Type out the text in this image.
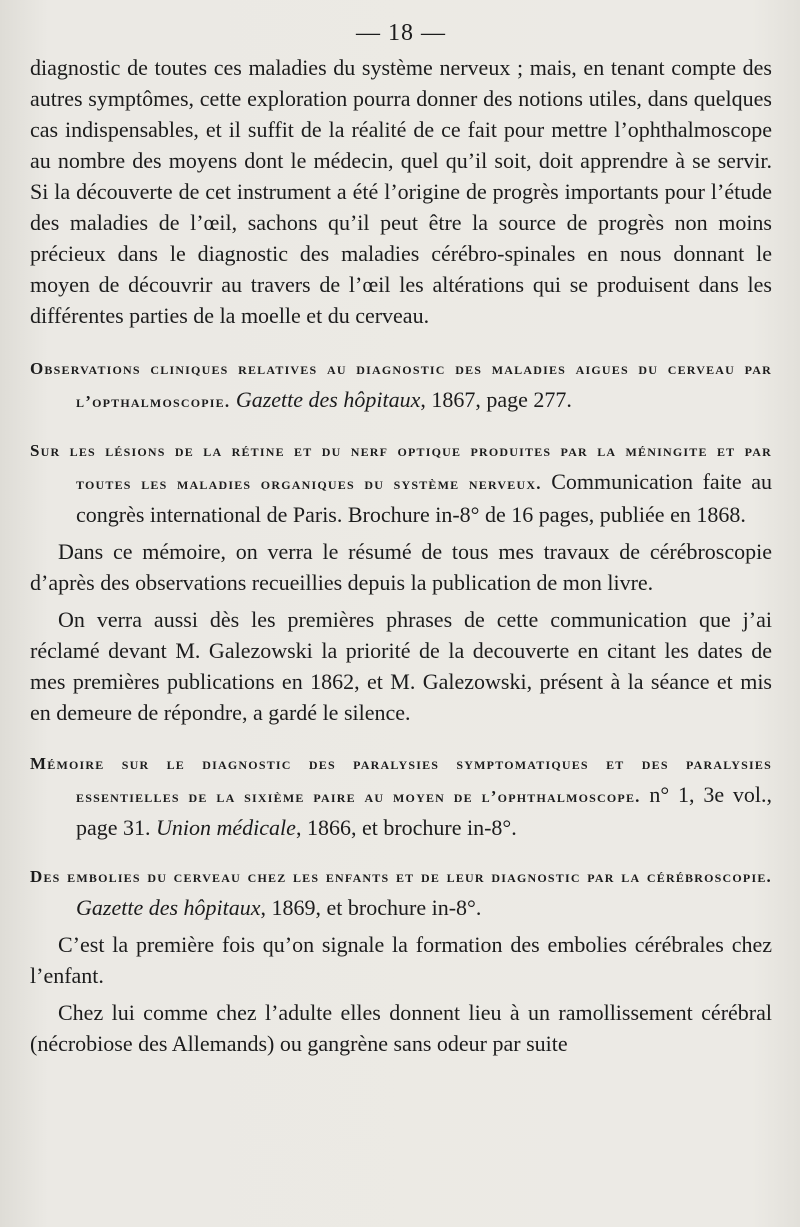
— 18 —

diagnostic de toutes ces maladies du système nerveux ; mais, en tenant compte des autres symptômes, cette exploration pourra donner des notions utiles, dans quelques cas indispensables, et il suffit de la réalité de ce fait pour mettre l’ophthalmoscope au nombre des moyens dont le médecin, quel qu’il soit, doit apprendre à se servir. Si la découverte de cet instrument a été l’origine de progrès importants pour l’étude des maladies de l’œil, sachons qu’il peut être la source de progrès non moins précieux dans le diagnostic des maladies cérébro-spinales en nous donnant le moyen de découvrir au travers de l’œil les altérations qui se produisent dans les différentes parties de la moelle et du cerveau.

Observations cliniques relatives au diagnostic des maladies aigues du cerveau par l’opthalmoscopie. Gazette des hôpitaux, 1867, page 277.

Sur les lésions de la rétine et du nerf optique produites par la méningite et par toutes les maladies organiques du système nerveux. Communication faite au congrès international de Paris. Brochure in-8° de 16 pages, publiée en 1868.

Dans ce mémoire, on verra le résumé de tous mes travaux de cérébroscopie d’après des observations recueillies depuis la publication de mon livre.

On verra aussi dès les premières phrases de cette communication que j’ai réclamé devant M. Galezowski la priorité de la decouverte en citant les dates de mes premières publications en 1862, et M. Galezowski, présent à la séance et mis en demeure de répondre, a gardé le silence.

Mémoire sur le diagnostic des paralysies symptomatiques et des paralysies essentielles de la sixième paire au moyen de l’ophthalmoscope. n° 1, 3e vol., page 31. Union médicale, 1866, et brochure in-8°.

Des embolies du cerveau chez les enfants et de leur diagnostic par la cérébroscopie. Gazette des hôpitaux, 1869, et brochure in-8°.

C’est la première fois qu’on signale la formation des embolies cérébrales chez l’enfant.

Chez lui comme chez l’adulte elles donnent lieu à un ramollissement cérébral (nécrobiose des Allemands) ou gangrène sans odeur par suite
